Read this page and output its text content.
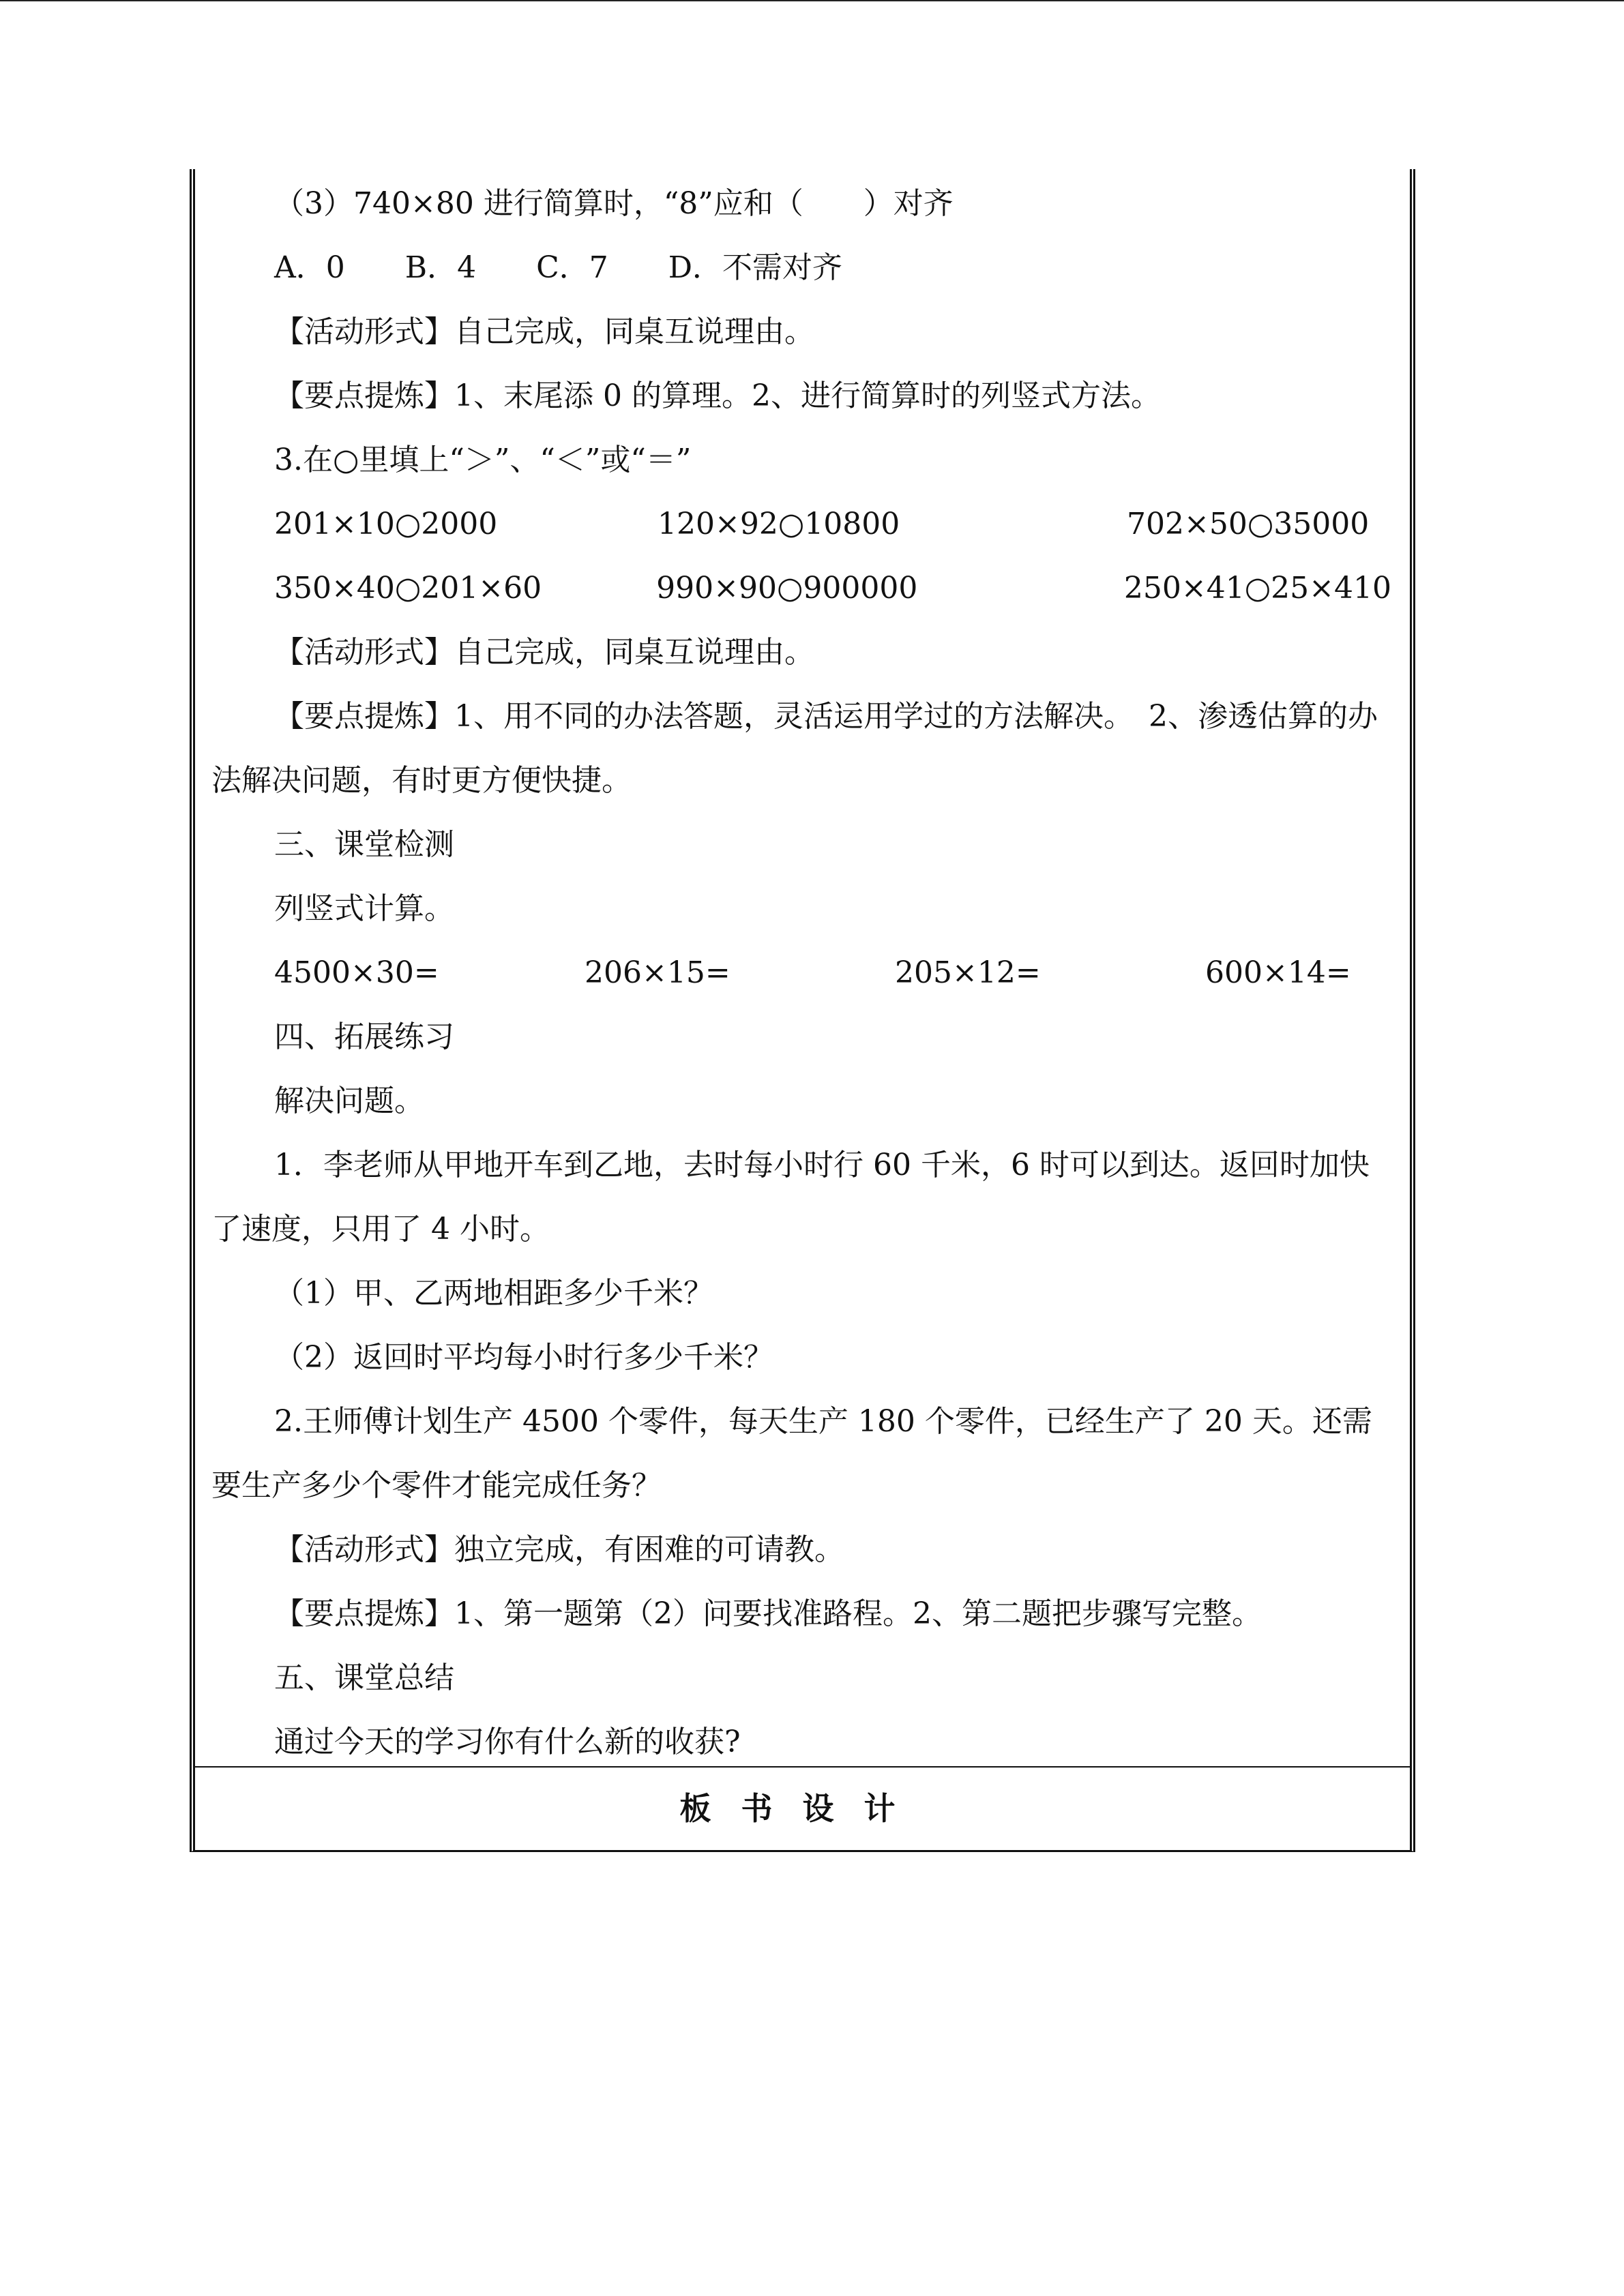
（3）740×80 进行简算时，“8”应和（　　）对齐
A．0　　B．4　　C．7　　D．不需对齐
【活动形式】自己完成，同桌互说理由。
【要点提炼】1、末尾添 0 的算理。2、进行简算时的列竖式方法。
3.在○里填上“＞”、“＜”或“＝”
201×10○2000	120×92○10800	702×50○35000
350×40○201×60	990×90○900000	250×41○25×410
【活动形式】自己完成，同桌互说理由。
【要点提炼】1、用不同的办法答题，灵活运用学过的方法解决。　2、渗透估算的办法解决问题，有时更方便快捷。
三、课堂检测
列竖式计算。
4500×30=	206×15=	205×12=	600×14=
四、拓展练习
解决问题。
1．李老师从甲地开车到乙地，去时每小时行 60 千米，6 时可以到达。返回时加快了速度，只用了 4 小时。
（1）甲、乙两地相距多少千米？
（2）返回时平均每小时行多少千米？
2.王师傅计划生产 4500 个零件，每天生产 180 个零件，已经生产了 20 天。还需要生产多少个零件才能完成任务？
【活动形式】独立完成，有困难的可请教。
【要点提炼】1、第一题第（2）问要找准路程。2、第二题把步骤写完整。
五、课堂总结
通过今天的学习你有什么新的收获?
板书设计
